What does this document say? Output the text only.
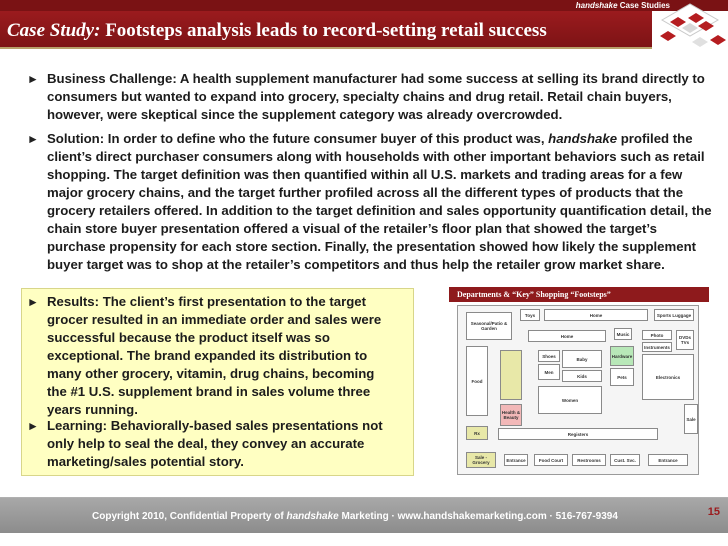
handshake Case Studies
Case Study: Footsteps analysis leads to record-setting retail success
► Business Challenge: A health supplement manufacturer had some success at selling its brand directly to consumers but wanted to expand into grocery, specialty chains and drug retail. Retail chain buyers, however, were skeptical since the supplement category was already overcrowded.
► Solution: In order to define who the future consumer buyer of this product was, handshake profiled the client’s direct purchaser consumers along with households with other important behaviors such as retail shopping. The target definition was then quantified within all U.S. markets and trading areas for a few major grocery chains, and the target further profiled across all the different types of products that the grocery retailers offered. In addition to the target definition and sales opportunity quantification detail, the chain store buyer presentation offered a visual of the retailer’s floor plan that showed the target’s purchase propensity for each store section. Finally, the presentation showed how likely the supplement buyer target was to shop at the retailer’s competitors and thus help the retailer grow market share.
► Results: The client’s first presentation to the target grocer resulted in an immediate order and sales were successful because the product itself was so exceptional. The brand expanded its distribution to many other grocery, vitamin, drug chains, becoming the #1 U.S. supplement brand in sales volume three years running.
► Learning: Behaviorally-based sales presentations not only help to seal the deal, they convey an accurate marketing/sales potential story.
Departments & “Key” Shopping “Footsteps”
Seasonal/Patio & Garden
Toys	Home	Sports Luggage
Home	Music	Photo	DVDs TVs
Instruments
Hardware
Pets
Food
Shoes
Baby
Men
Kids	Electronics
Women
Health & Beauty	Sale
Rx	Registers
Sale - Grocery	Entrance	Food Court	Restrooms	Cust. Svc.	Entrance
Copyright 2010, Confidential Property of handshake Marketing · www.handshakemarketing.com · 516-767-9394	15
